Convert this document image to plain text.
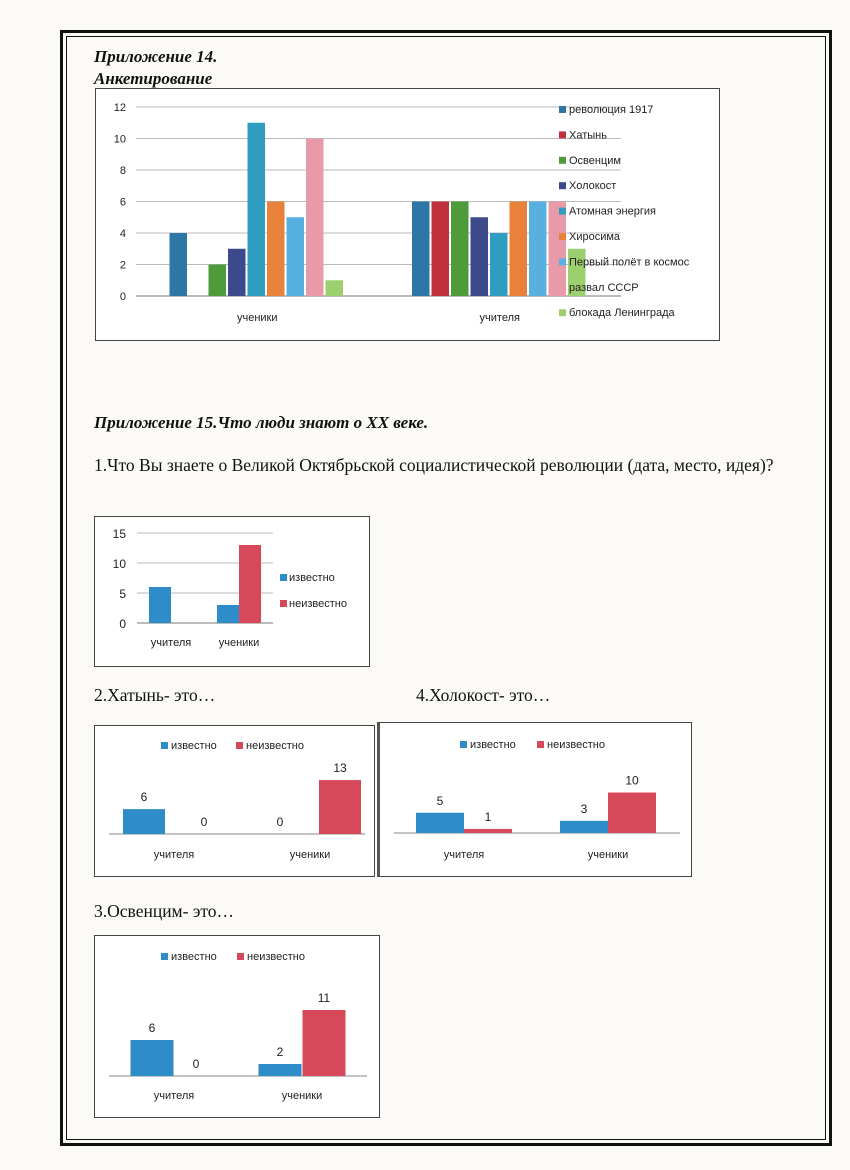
Приложение 14.
Анкетирование
0
2
4
6
8
10
12
ученики	учителя
революция 1917
Хатынь
Освенцим
Холокост
Атомная энергия
Хиросима
Первый полёт в космос
развал СССР
блокада Ленинграда
Приложение 15.Что люди знают о XX веке.
1.Что Вы знаете о Великой Октябрьской социалистической революции (дата, место, идея)?
0
5
10
15
учителя	ученики
известно
неизвестно
2.Хатынь- это…	4.Холокост- это…
6
0
учителя
0
13
ученики
известно	неизвестно
5
1
учителя
3
10
ученики
известно	неизвестно
3.Освенцим- это…
6
0
учителя
2
11
ученики
известно	неизвестно
